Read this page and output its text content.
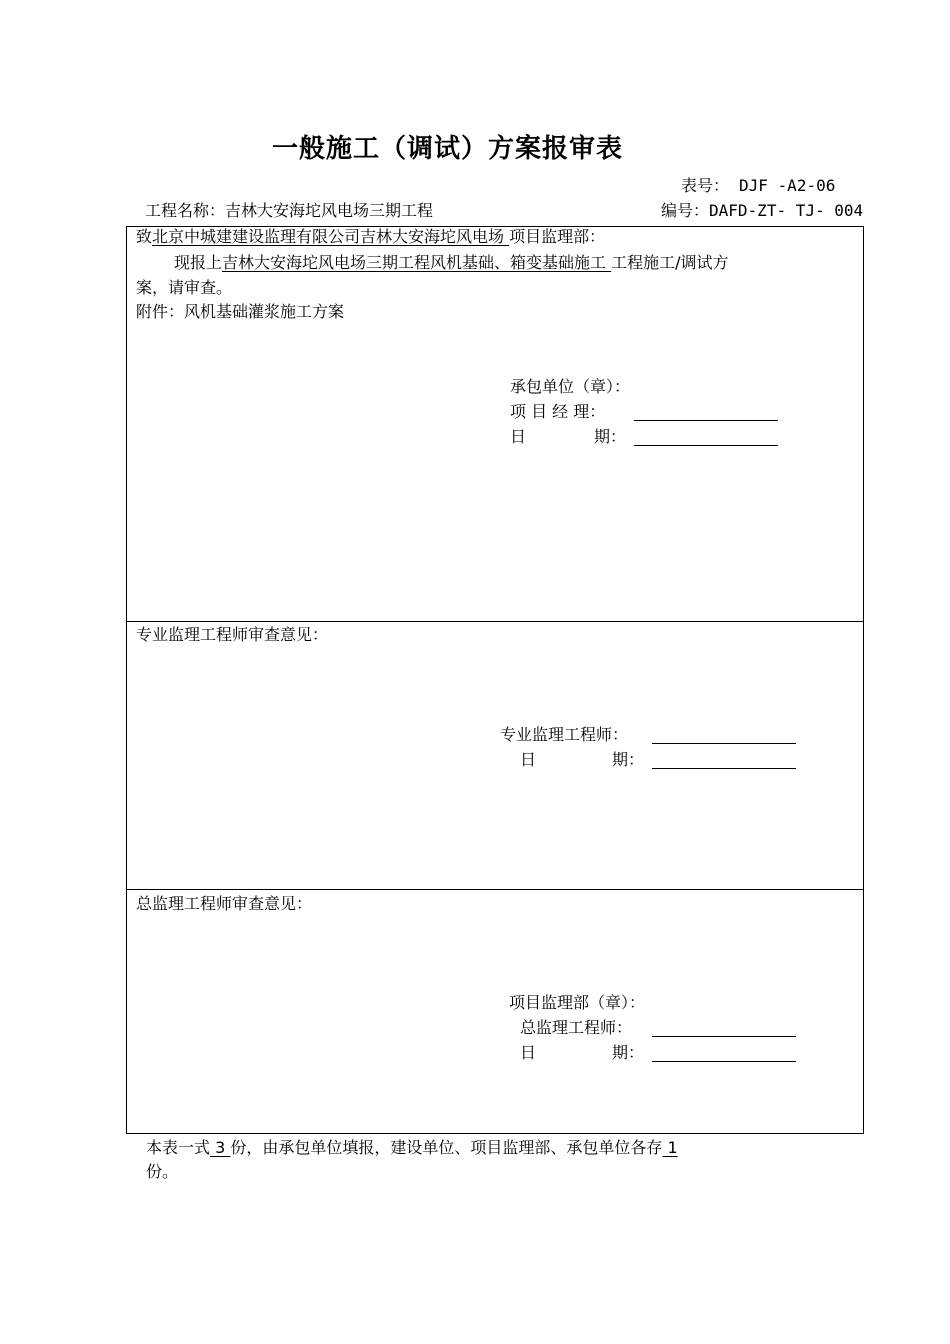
一般施工（调试）方案报审表
表号： DJF -A2-06
工程名称：吉林大安海坨风电场三期工程	编号：DAFD-ZT- TJ- 004
致北京中城建建设监理有限公司吉林大安海坨风电场 项目监理部：
现报上吉林大安海坨风电场三期工程风机基础、箱变基础施工 工程施工/调试方
案，请审查。
附件：风机基础灌浆施工方案
承包单位（章）：
项 目 经 理：
日	期：
专业监理工程师审查意见：
专业监理工程师：
日	期：
总监理工程师审查意见：
项目监理部（章）：
总监理工程师：
日	期：
本表一式 3 份，由承包单位填报，建设单位、项目监理部、承包单位各存 1
份。
